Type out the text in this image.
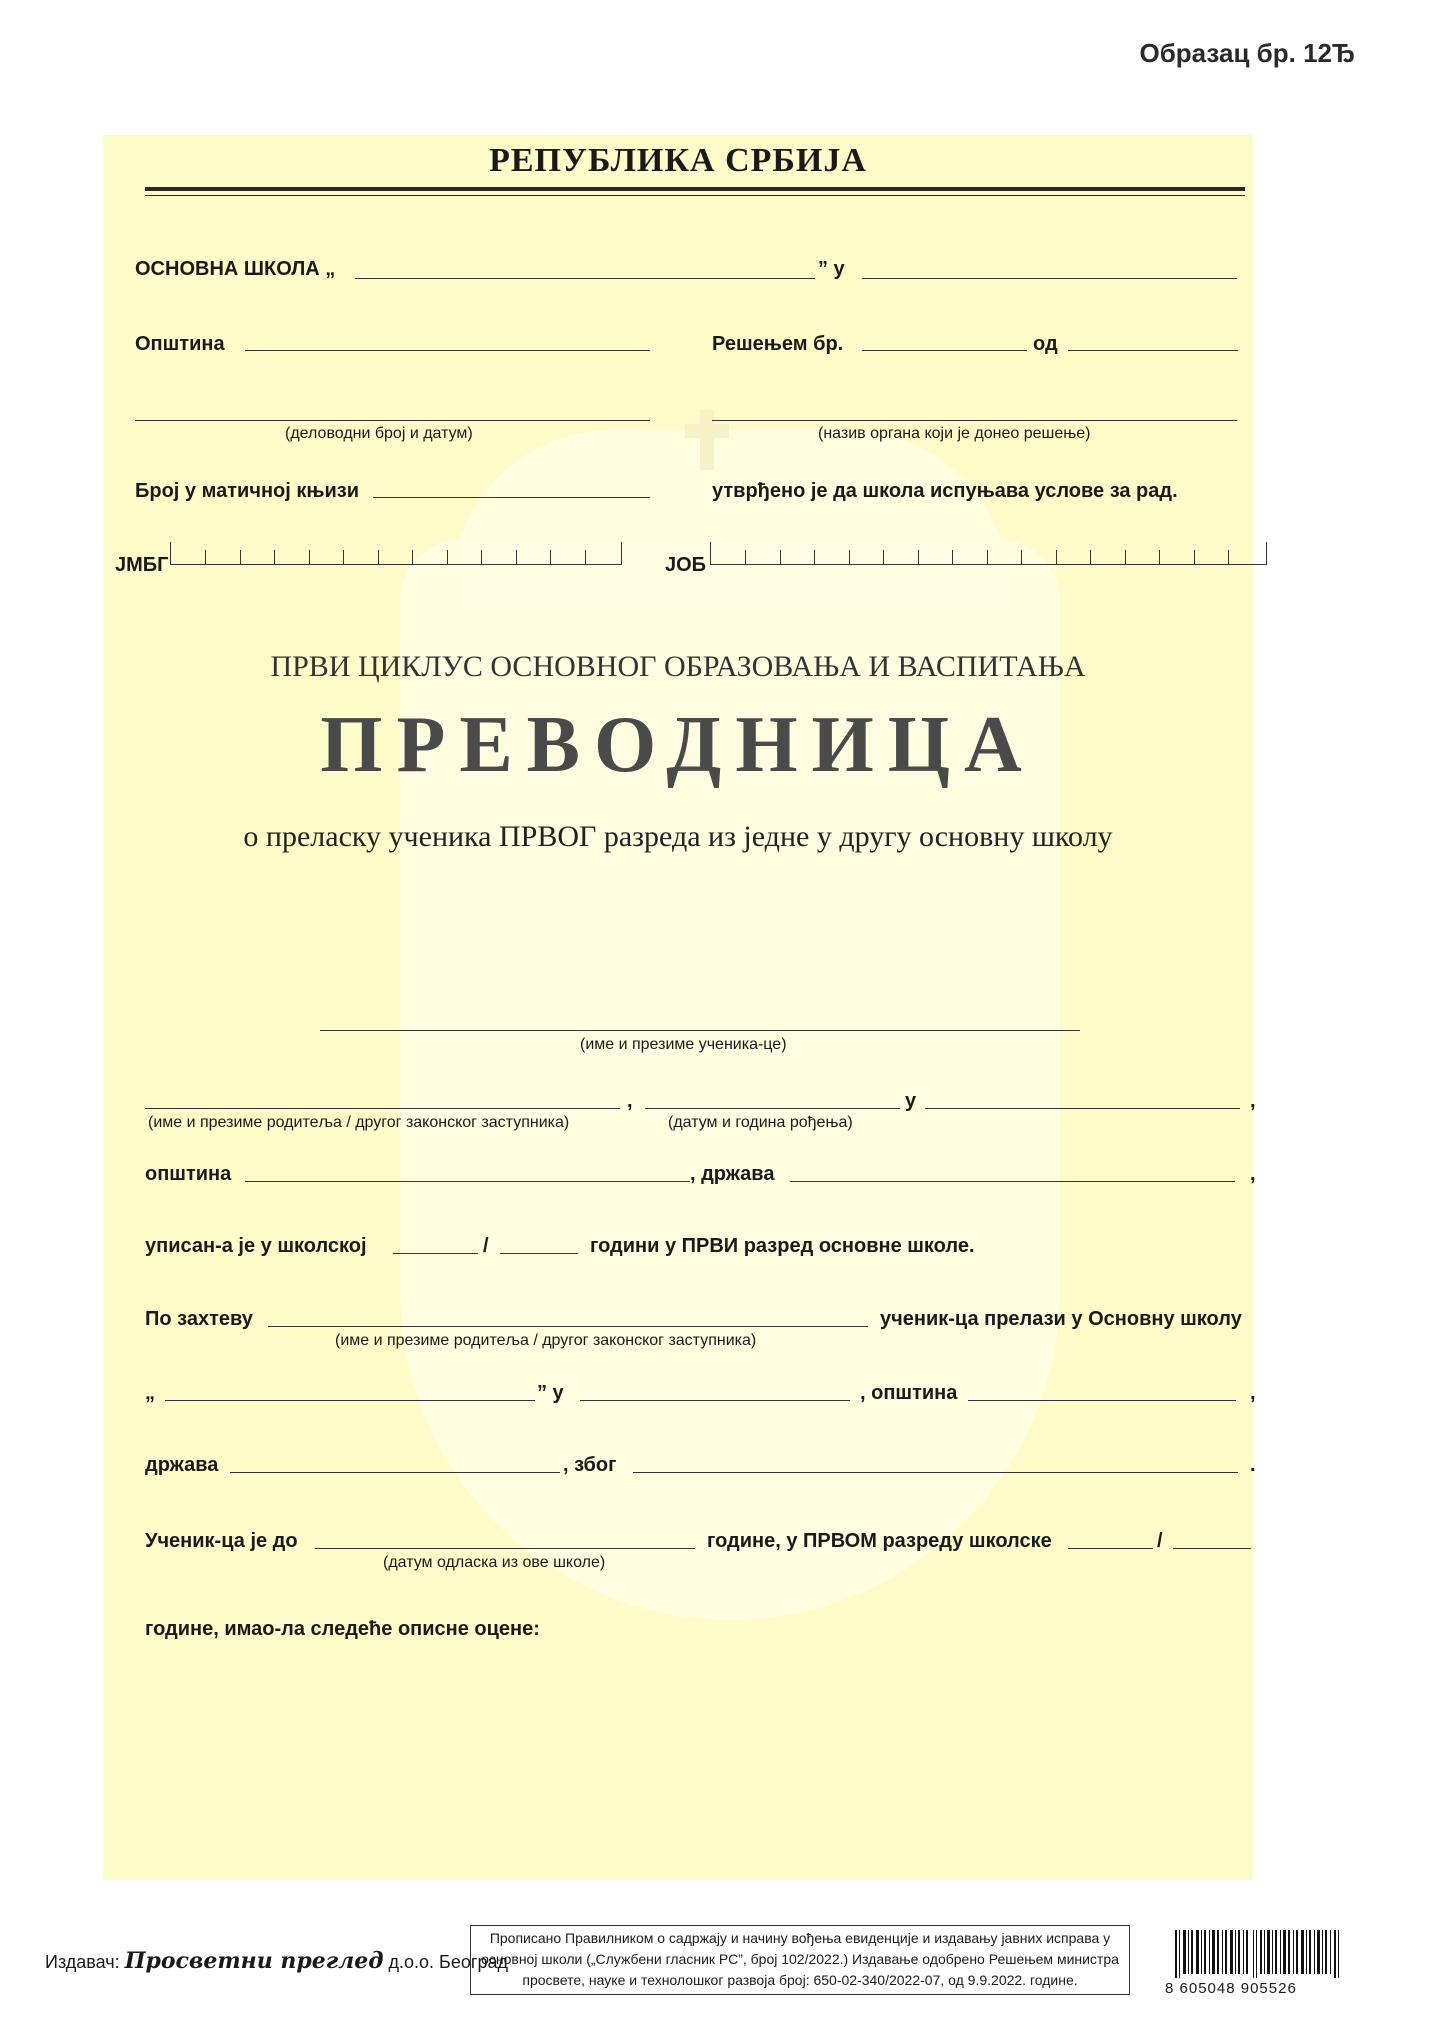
Образац бр. 12Ђ
РЕПУБЛИКА СРБИЈА
ОСНОВНА ШКОЛА „	” у
Општина	Решењем бр.	од
(деловодни број и датум)	(назив органа који је донео решење)
Број у матичној књизи	утврђено је да школа испуњава услове за рад.
ЈМБГ	ЈОБ
ПРВИ ЦИКЛУС ОСНОВНОГ ОБРАЗОВАЊА И ВАСПИТАЊА
ПРЕВОДНИЦА
о преласку ученика ПРВОГ разреда из једне у другу основну школу
(име и презиме ученика-це)
,	у	,
(име и презиме родитеља / другог законског заступника)	(датум и година рођења)
општина	, држава	,
уписан-а је у школској	/	години у ПРВИ разред основне школе.
По захтеву	ученик-ца прелази у Основну школу
(име и презиме родитеља / другог законског заступника)
„	” у	, општина	,
држава	, због	.
Ученик-ца је до	године, у ПРВОМ разреду школске	/
(датум одласка из ове школе)
године, имао-ла следеће описне оцене:
Издавач: Просветни преглед д.о.о. Београд
Прописано Правилником о садржају и начину вођења евиденције и издавању јавних исправа у основној школи („Службени гласник РС”, број 102/2022.) Издавање одобрено Решењем министра просвете, науке и технолошког развоја број: 650-02-340/2022-07, од 9.9.2022. године.	8 605048 905526
